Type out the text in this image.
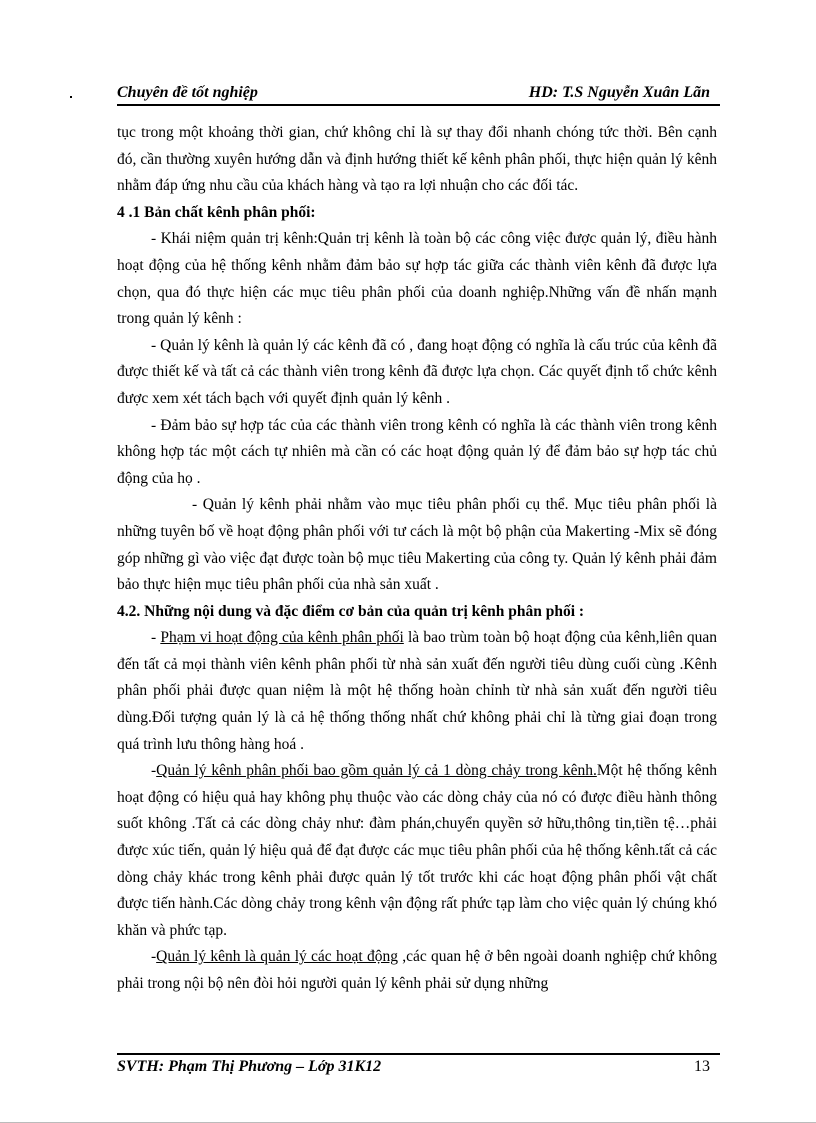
Chuyên đề tốt nghiệp	HD: T.S Nguyễn Xuân Lãn

tục trong một khoảng thời gian, chứ không chỉ là sự thay đổi nhanh chóng tức thời. Bên cạnh đó, cần thường xuyên hướng dẫn và định hướng thiết kế kênh phân phối, thực hiện quản lý kênh nhằm đáp ứng nhu cầu của khách hàng và tạo ra lợi nhuận cho các đối tác.

4 .1 Bản chất kênh phân phối:

- Khái niệm quản trị kênh:Quản trị kênh là toàn bộ các công việc được quản lý, điều hành hoạt động của hệ thống kênh nhằm đảm bảo sự hợp tác giữa các thành viên kênh đã được lựa chọn, qua đó thực hiện các mục tiêu phân phối của doanh nghiệp.Những vấn đề nhấn mạnh trong quản lý kênh :

- Quản lý kênh là quản lý các kênh đã có , đang hoạt động có nghĩa là cấu trúc của kênh đã được thiết kế và tất cả các thành viên trong kênh đã được lựa chọn. Các quyết định tổ chức kênh được xem xét tách bạch với quyết định quản lý kênh .

- Đảm bảo sự hợp tác của các thành viên trong kênh có nghĩa là các thành viên trong kênh không hợp tác một cách tự nhiên mà cần có các hoạt động quản lý để đảm bảo sự hợp tác chủ động của họ .

- Quản lý kênh phải nhằm vào mục tiêu phân phối cụ thể. Mục tiêu phân phối là những tuyên bố về hoạt động phân phối với tư cách là một bộ phận của Makerting -Mix sẽ đóng góp những gì vào việc đạt được toàn bộ mục tiêu Makerting của công ty. Quản lý kênh phải đảm bảo thực hiện mục tiêu phân phối của nhà sản xuất .

4.2. Những nội dung và đặc điểm cơ bản của quản trị kênh phân phối :

- Phạm vi hoạt động của kênh phân phối là bao trùm toàn bộ hoạt động của kênh,liên quan đến tất cả mọi thành viên kênh phân phối từ nhà sản xuất đến người tiêu dùng cuối cùng .Kênh phân phối phải được quan niệm là một hệ thống hoàn chỉnh từ nhà sản xuất đến người tiêu dùng.Đối tượng quản lý là cả hệ thống thống nhất chứ không phải chỉ là từng giai đoạn trong quá trình lưu thông hàng hoá .

-Quản lý kênh phân phối bao gồm quản lý cả 1 dòng chảy trong kênh.Một hệ thống kênh hoạt động có hiệu quả hay không phụ thuộc vào các dòng chảy của nó có được điều hành thông suốt không .Tất cả các dòng chảy như: đàm phán,chuyển quyền sở hữu,thông tin,tiền tệ…phải được xúc tiến, quản lý hiệu quả để đạt được các mục tiêu phân phối của hệ thống kênh.tất cả các dòng chảy khác trong kênh phải được quản lý tốt trước khi các hoạt động phân phối vật chất được tiến hành.Các dòng chảy trong kênh vận động rất phức tạp làm cho việc quản lý chúng khó khăn và phức tạp.

-Quản lý kênh là quản lý các hoạt động ,các quan hệ ở bên ngoài doanh nghiệp chứ không phải trong nội bộ nên đòi hỏi người quản lý kênh phải sử dụng những

SVTH: Phạm Thị Phương – Lớp 31K12	13
